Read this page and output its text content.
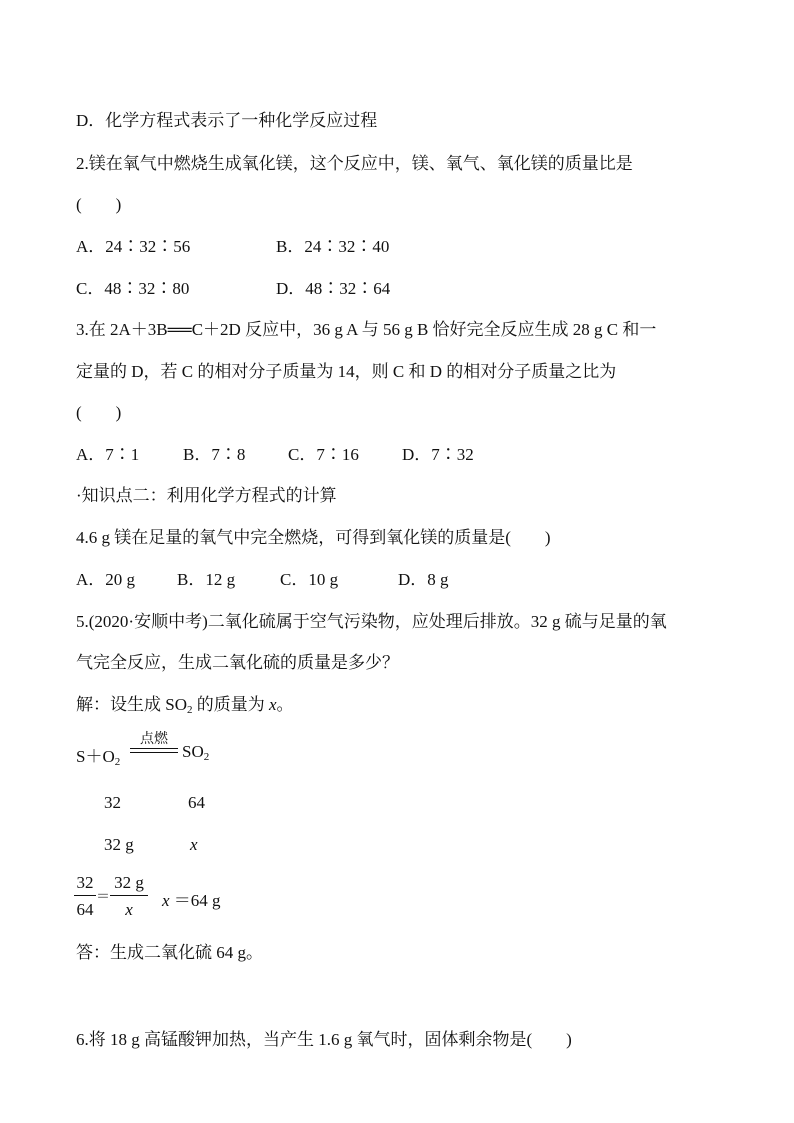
D．化学方程式表示了一种化学反应过程
2.镁在氧气中燃烧生成氧化镁，这个反应中，镁、氧气、氧化镁的质量比是
(　　)
A．24∶32∶56	B．24∶32∶40
C．48∶32∶80	D．48∶32∶64
3.在 2A＋3B══C＋2D 反应中，36 g A 与 56 g B 恰好完全反应生成 28 g C 和一
定量的 D，若 C 的相对分子质量为 14，则 C 和 D 的相对分子质量之比为
(　　)
A．7∶1	B．7∶8	C．7∶16	D．7∶32
·知识点二：利用化学方程式的计算
4.6 g 镁在足量的氧气中完全燃烧，可得到氧化镁的质量是(　　)
A．20 g B．12 g	C．10 g	D．8 g
5.(2020·安顺中考)二氧化硫属于空气污染物，应处理后排放。32 g 硫与足量的氧
气完全反应，生成二氧化硫的质量是多少？
解：设生成 $SO_2$ 的质量为 x。
$S+O_2$
点燃
$SO_2$
32	64
32 g	x
32
64
＝
32 g
x	x ＝64 g
答：生成二氧化硫 64 g。
6.将 18 g 高锰酸钾加热，当产生 1.6 g 氧气时，固体剩余物是(　　)
